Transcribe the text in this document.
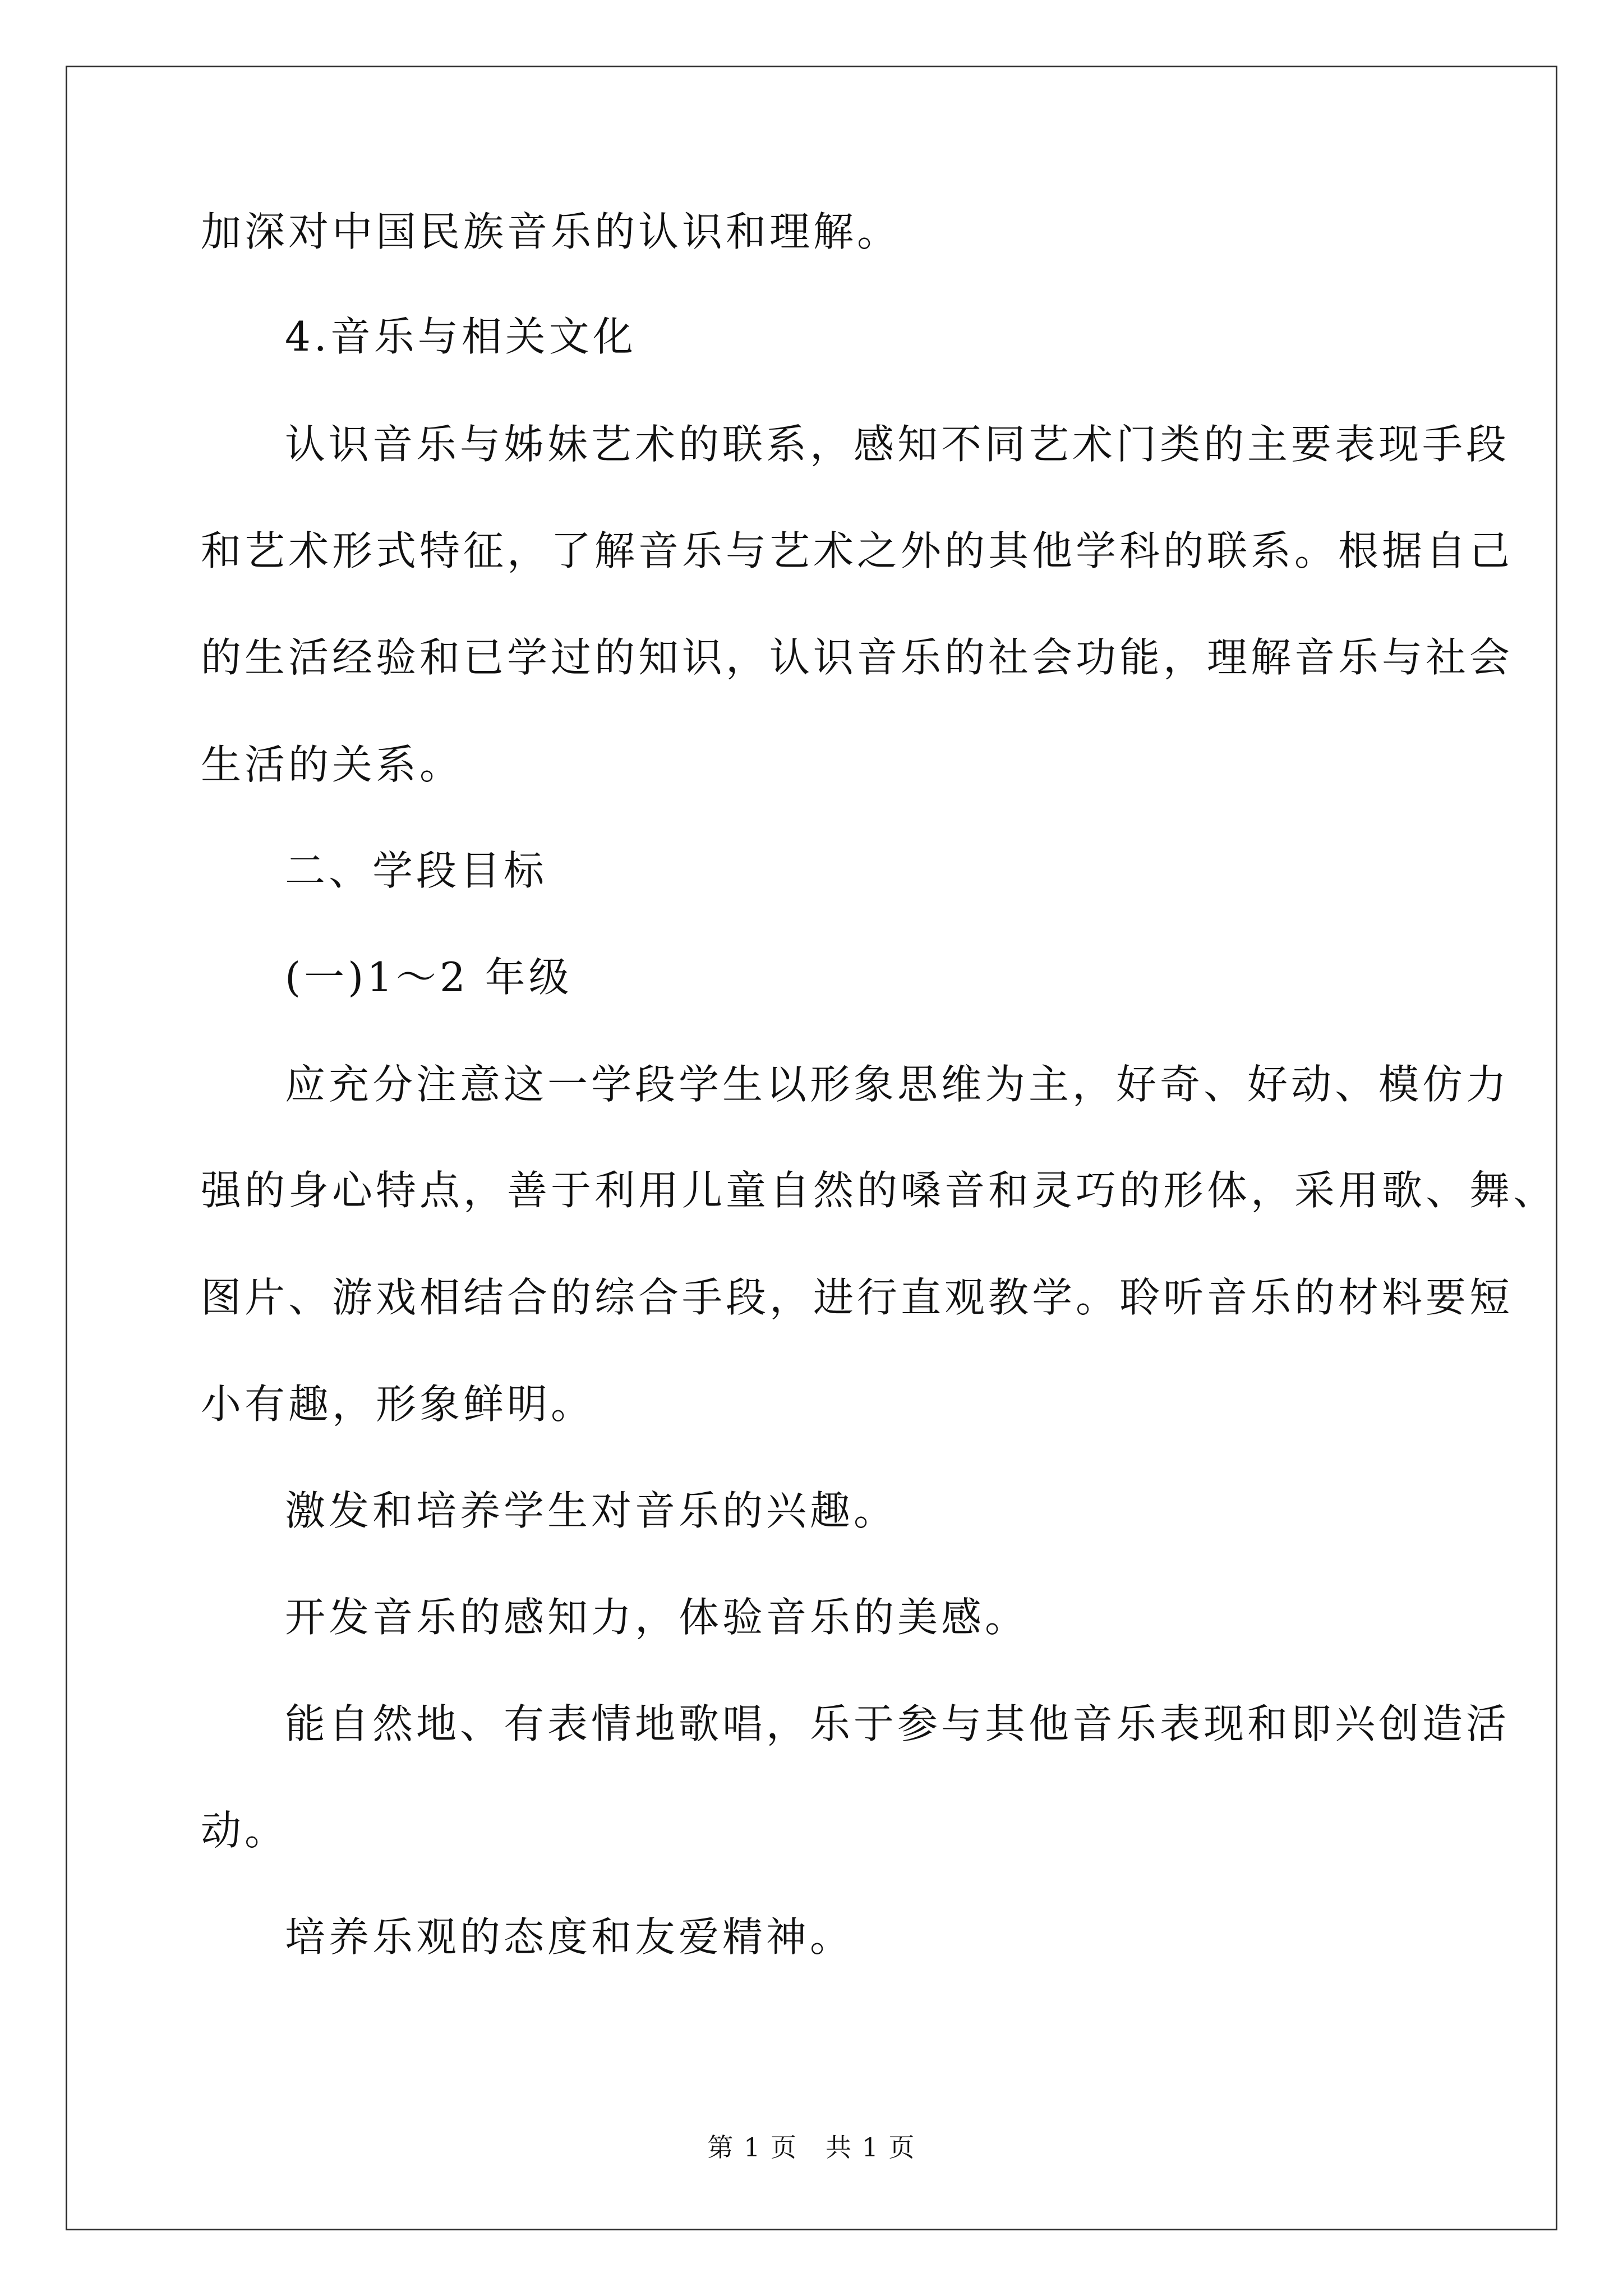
加深对中国民族音乐的认识和理解。
4.音乐与相关文化
认识音乐与姊妹艺术的联系，感知不同艺术门类的主要表现手段
和艺术形式特征，了解音乐与艺术之外的其他学科的联系。根据自己
的生活经验和已学过的知识，认识音乐的社会功能，理解音乐与社会
生活的关系。
二、学段目标
(一)1～2 年级
应充分注意这一学段学生以形象思维为主，好奇、好动、模仿力
强的身心特点，善于利用儿童自然的嗓音和灵巧的形体，采用歌、舞、
图片、游戏相结合的综合手段，进行直观教学。聆听音乐的材料要短
小有趣，形象鲜明。
激发和培养学生对音乐的兴趣。
开发音乐的感知力，体验音乐的美感。
能自然地、有表情地歌唱，乐于参与其他音乐表现和即兴创造活
动。
培养乐观的态度和友爱精神。
第 1 页 共 1 页
